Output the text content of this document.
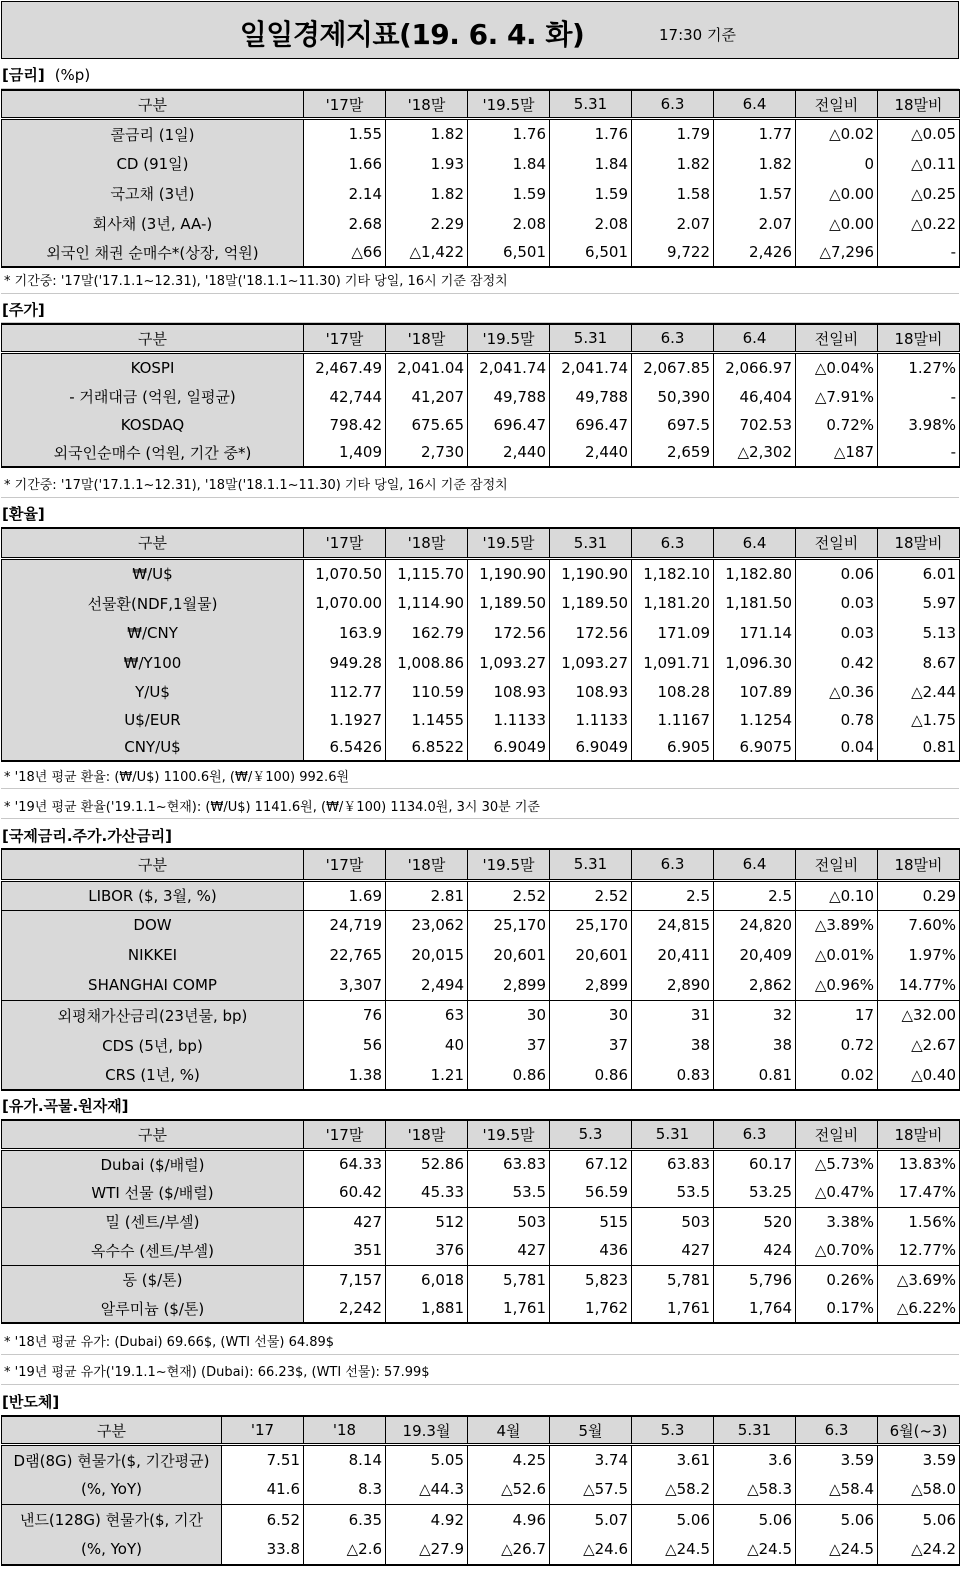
일일경제지표(19. 6. 4. 화)	17:30 기준
[금리] (%p)
구분	'17말	'18말	'19.5말	5.31	6.3	6.4	전일비	18말비
콜금리 (1일)	1.55	1.82	1.76	1.76	1.79	1.77	△0.02	△0.05
CD (91일)	1.66	1.93	1.84	1.84	1.82	1.82	0	△0.11
국고채 (3년)	2.14	1.82	1.59	1.59	1.58	1.57	△0.00	△0.25
회사채 (3년, AA-)	2.68	2.29	2.08	2.08	2.07	2.07	△0.00	△0.22
외국인 채권 순매수*(상장, 억원)	△66	△1,422	6,501	6,501	9,722	2,426	△7,296	-
* 기간중: '17말('17.1.1~12.31), '18말('18.1.1~11.30) 기타 당일, 16시 기준 잠정치
[주가]
구분	'17말	'18말	'19.5말	5.31	6.3	6.4	전일비	18말비
KOSPI	2,467.49	2,041.04	2,041.74	2,041.74	2,067.85	2,066.97	△0.04%	1.27%
- 거래대금 (억원, 일평균)	42,744	41,207	49,788	49,788	50,390	46,404	△7.91%	-
KOSDAQ	798.42	675.65	696.47	696.47	697.5	702.53	0.72%	3.98%
외국인순매수 (억원, 기간 중*)	1,409	2,730	2,440	2,440	2,659	△2,302	△187	-
* 기간중: '17말('17.1.1~12.31), '18말('18.1.1~11.30) 기타 당일, 16시 기준 잠정치
[환율]
구분	'17말	'18말	'19.5말	5.31	6.3	6.4	전일비	18말비
₩/U$	1,070.50	1,115.70	1,190.90	1,190.90	1,182.10	1,182.80	0.06	6.01
선물환(NDF,1월물)	1,070.00	1,114.90	1,189.50	1,189.50	1,181.20	1,181.50	0.03	5.97
₩/CNY	163.9	162.79	172.56	172.56	171.09	171.14	0.03	5.13
₩/Y100	949.28	1,008.86	1,093.27	1,093.27	1,091.71	1,096.30	0.42	8.67
Y/U$	112.77	110.59	108.93	108.93	108.28	107.89	△0.36	△2.44
U$/EUR	1.1927	1.1455	1.1133	1.1133	1.1167	1.1254	0.78	△1.75
CNY/U$	6.5426	6.8522	6.9049	6.9049	6.905	6.9075	0.04	0.81
* '18년 평균 환율: (₩/U$) 1100.6원, (₩/￥100) 992.6원
* '19년 평균 환율('19.1.1~현재): (₩/U$) 1141.6원, (₩/￥100) 1134.0원, 3시 30분 기준
[국제금리.주가.가산금리]
구분	'17말	'18말	'19.5말	5.31	6.3	6.4	전일비	18말비
LIBOR ($, 3월, %)	1.69	2.81	2.52	2.52	2.5	2.5	△0.10	0.29
DOW	24,719	23,062	25,170	25,170	24,815	24,820	△3.89%	7.60%
NIKKEI	22,765	20,015	20,601	20,601	20,411	20,409	△0.01%	1.97%
SHANGHAI COMP	3,307	2,494	2,899	2,899	2,890	2,862	△0.96%	14.77%
외평채가산금리(23년물, bp)	76	63	30	30	31	32	17	△32.00
CDS (5년, bp)	56	40	37	37	38	38	0.72	△2.67
CRS (1년, %)	1.38	1.21	0.86	0.86	0.83	0.81	0.02	△0.40
[유가.곡물.원자재]
구분	'17말	'18말	'19.5말	5.3	5.31	6.3	전일비	18말비
Dubai ($/배럴)	64.33	52.86	63.83	67.12	63.83	60.17	△5.73%	13.83%
WTI 선물 ($/배럴)	60.42	45.33	53.5	56.59	53.5	53.25	△0.47%	17.47%
밀 (센트/부셀)	427	512	503	515	503	520	3.38%	1.56%
옥수수 (센트/부셀)	351	376	427	436	427	424	△0.70%	12.77%
동 ($/톤)	7,157	6,018	5,781	5,823	5,781	5,796	0.26%	△3.69%
알루미늄 ($/톤)	2,242	1,881	1,761	1,762	1,761	1,764	0.17%	△6.22%
* '18년 평균 유가: (Dubai) 69.66$, (WTI 선물) 64.89$
* '19년 평균 유가('19.1.1~현재) (Dubai): 66.23$, (WTI 선물): 57.99$
[반도체]
구분	'17	'18	19.3월	4월	5월	5.3	5.31	6.3	6월(~3)
D램(8G) 현물가($, 기간평균)	7.51	8.14	5.05	4.25	3.74	3.61	3.6	3.59	3.59
(%, YoY)	41.6	8.3	△44.3	△52.6	△57.5	△58.2	△58.3	△58.4	△58.0
낸드(128G) 현물가($, 기간	6.52	6.35	4.92	4.96	5.07	5.06	5.06	5.06	5.06
(%, YoY)	33.8	△2.6	△27.9	△26.7	△24.6	△24.5	△24.5	△24.5	△24.2
